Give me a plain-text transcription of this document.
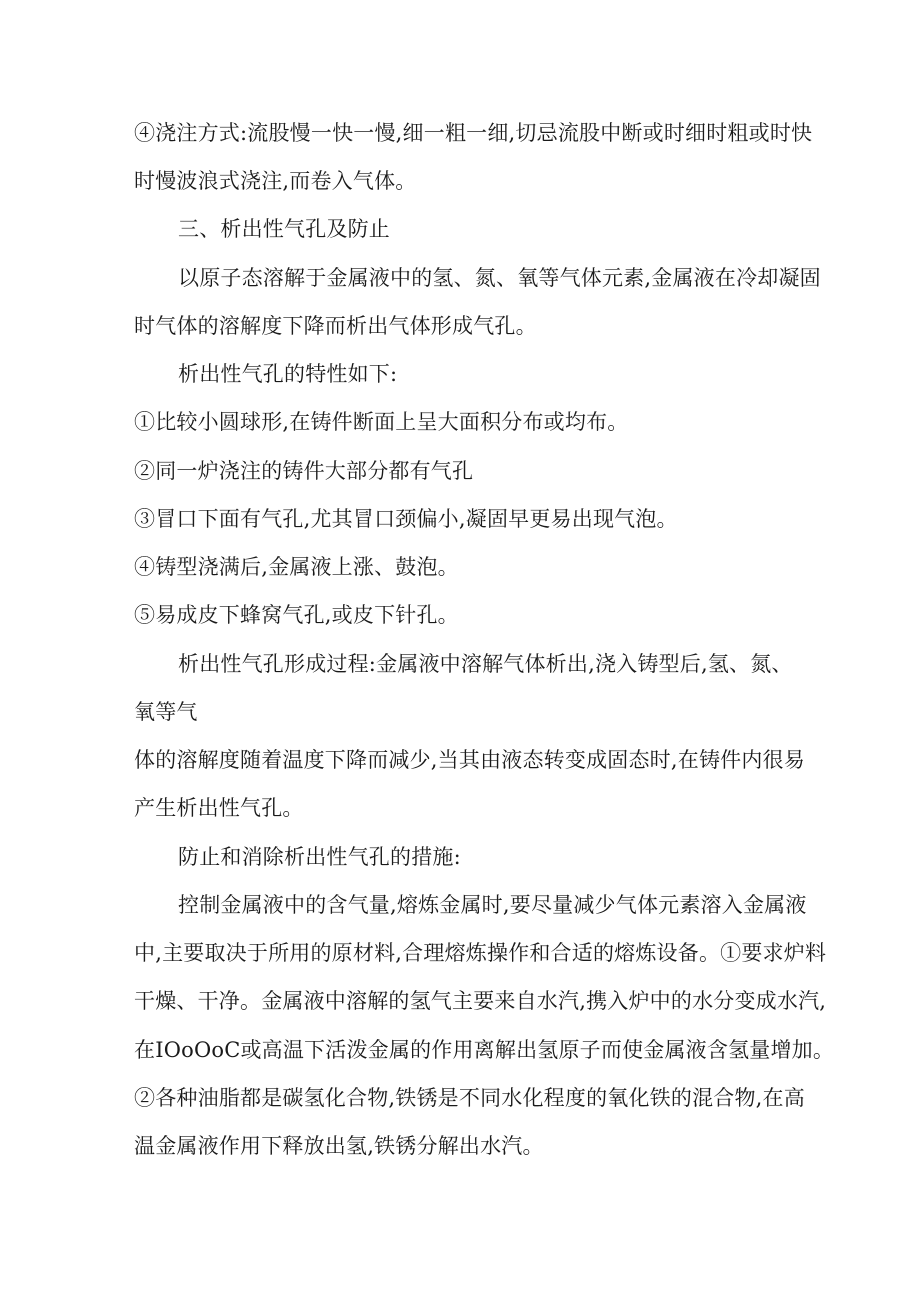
④浇注方式:流股慢一快一慢,细一粗一细,切忌流股中断或时细时粗或时快
时慢波浪式浇注,而卷入气体。
三、析出性气孔及防止
以原子态溶解于金属液中的氢、氮、氧等气体元素,金属液在冷却凝固
时气体的溶解度下降而析出气体形成气孔。
析出性气孔的特性如下:
①比较小圆球形,在铸件断面上呈大面积分布或均布。
②同一炉浇注的铸件大部分都有气孔
③冒口下面有气孔,尤其冒口颈偏小,凝固早更易出现气泡。
④铸型浇满后,金属液上涨、鼓泡。
⑤易成皮下蜂窝气孔,或皮下针孔。
析出性气孔形成过程:金属液中溶解气体析出,浇入铸型后,氢、氮、
氧等气
体的溶解度随着温度下降而减少,当其由液态转变成固态时,在铸件内很易
产生析出性气孔。
防止和消除析出性气孔的措施:
控制金属液中的含气量,熔炼金属时,要尽量减少气体元素溶入金属液
中,主要取决于所用的原材料,合理熔炼操作和合适的熔炼设备。①要求炉料
干燥、干净。金属液中溶解的氢气主要来自水汽,携入炉中的水分变成水汽,
在IOoOoC或高温下活泼金属的作用离解出氢原子而使金属液含氢量增加。
②各种油脂都是碳氢化合物,铁锈是不同水化程度的氧化铁的混合物,在高
温金属液作用下释放出氢,铁锈分解出水汽。
